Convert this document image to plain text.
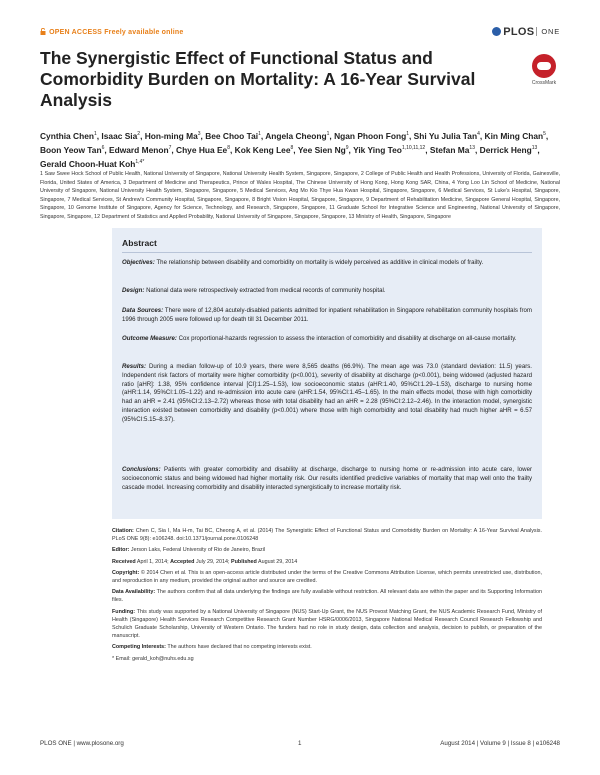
OPEN ACCESS Freely available online	PLOS ONE
The Synergistic Effect of Functional Status and Comorbidity Burden on Mortality: A 16-Year Survival Analysis
CrossMark
Cynthia Chen$^1$, Isaac Sia$^2$, Hon-ming Ma$^3$, Bee Choo Tai$^1$, Angela Cheong$^1$, Ngan Phoon Fong$^1$, Shi Yu Julia Tan$^4$, Kin Ming Chan$^5$, Boon Yeow Tan$^6$, Edward Menon$^7$, Chye Hua Ee$^8$, Kok Keng Lee$^8$, Yee Sien Ng$^9$, Yik Ying Teo$^{1,10,11,12}$, Stefan Ma$^{13}$, Derrick Heng$^{13}$, Gerald Choon-Huat Koh$^{1,4*}$
1 Saw Swee Hock School of Public Health, National University of Singapore, National University Health System, Singapore, Singapore, 2 College of Public Health and Health Professions, University of Florida, Gainesville, Florida, United States of America, 3 Department of Medicine and Therapeutics, Prince of Wales Hospital, The Chinese University of Hong Kong, Hong Kong SAR, China, 4 Yong Loo Lin School of Medicine, National University of Singapore, National University Health System, Singapore, Singapore, 5 Medical Services, Ang Mo Kio Thye Hua Kwan Hospital, Singapore, Singapore, 6 Medical Services, St Luke's Hospital, Singapore, Singapore, 7 Medical Services, St Andrew's Community Hospital, Singapore, Singapore, 8 Bright Vision Hospital, Singapore, Singapore, 9 Department of Rehabilitation Medicine, Singapore General Hospital, Singapore, Singapore, 10 Genome Institute of Singapore, Agency for Science, Technology, and Research, Singapore, Singapore, 11 Graduate School for Integrative Science and Engineering, National University of Singapore, Singapore, Singapore, 12 Department of Statistics and Applied Probability, National University of Singapore, Singapore, Singapore, 13 Ministry of Health, Singapore, Singapore
Abstract

Objectives: The relationship between disability and comorbidity on mortality is widely perceived as additive in clinical models of frailty.

Design: National data were retrospectively extracted from medical records of community hospital.

Data Sources: There were of 12,804 acutely-disabled patients admitted for inpatient rehabilitation in Singapore rehabilitation community hospitals from 1996 through 2005 were followed up for death till 31 December 2011.

Outcome Measure: Cox proportional-hazards regression to assess the interaction of comorbidity and disability at discharge on all-cause mortality.

Results: During a median follow-up of 10.9 years, there were 8,565 deaths (66.9%). The mean age was 73.0 (standard deviation: 11.5) years. Independent risk factors of mortality were higher comorbidity (p<0.001), severity of disability at discharge (p<0.001), being widowed (adjusted hazard ratio [aHR]: 1.38, 95% confidence interval [CI]:1.25–1.53), low socioeconomic status (aHR:1.40, 95%CI:1.29–1.53), discharge to nursing home (aHR:1.14, 95%CI:1.05–1.22) and re-admission into acute care (aHR:1.54, 95%CI:1.45–1.65). In the main effects model, those with high comorbidity had an aHR = 2.41 (95%CI:2.13–2.72) whereas those with total disability had an aHR = 2.28 (95%CI:2.12–2.46). In the interaction model, synergistic interaction existed between comorbidity and disability (p<0.001) where those with high comorbidity and total disability had much higher aHR = 6.57 (95%CI:5.15–8.37).

Conclusions: Patients with greater comorbidity and disability at discharge, discharge to nursing home or re-admission into acute care, lower socioeconomic status and being widowed had higher mortality risk. Our results identified predictive variables of mortality that map well onto the frailty cascade model. Increasing comorbidity and disability interacted synergistically to increase mortality risk.

Citation: Chen C, Sia I, Ma H-m, Tai BC, Cheong A, et al. (2014) The Synergistic Effect of Functional Status and Comorbidity Burden on Mortality: A 16-Year Survival Analysis. PLoS ONE 9(8): e106248. doi:10.1371/journal.pone.0106248
Editor: Jerson Laks, Federal University of Rio de Janeiro, Brazil
Received April 1, 2014; Accepted July 29, 2014; Published August 29, 2014
Copyright: © 2014 Chen et al. This is an open-access article distributed under the terms of the Creative Commons Attribution License, which permits unrestricted use, distribution, and reproduction in any medium, provided the original author and source are credited.
Data Availability: The authors confirm that all data underlying the findings are fully available without restriction. All relevant data are within the paper and its Supporting Information files.
Funding: This study was supported by a National University of Singapore (NUS) Start-Up Grant, the NUS Provost Matching Grant, the NUS Academic Research Fund, Ministry of Health (Singapore) Health Services Research Competitive Research Grant Number HSRG/0006/2013, Singapore National Medical Research Council Research Fellowship and Schulich Graduate Scholarship, University of Western Ontario. The funders had no role in study design, data collection and analysis, decision to publish, or preparation of the manuscript.
Competing Interests: The authors have declared that no competing interests exist.
* Email: gerald_koh@nuhs.edu.sg
PLOS ONE | www.plosone.org	1	August 2014 | Volume 9 | Issue 8 | e106248
